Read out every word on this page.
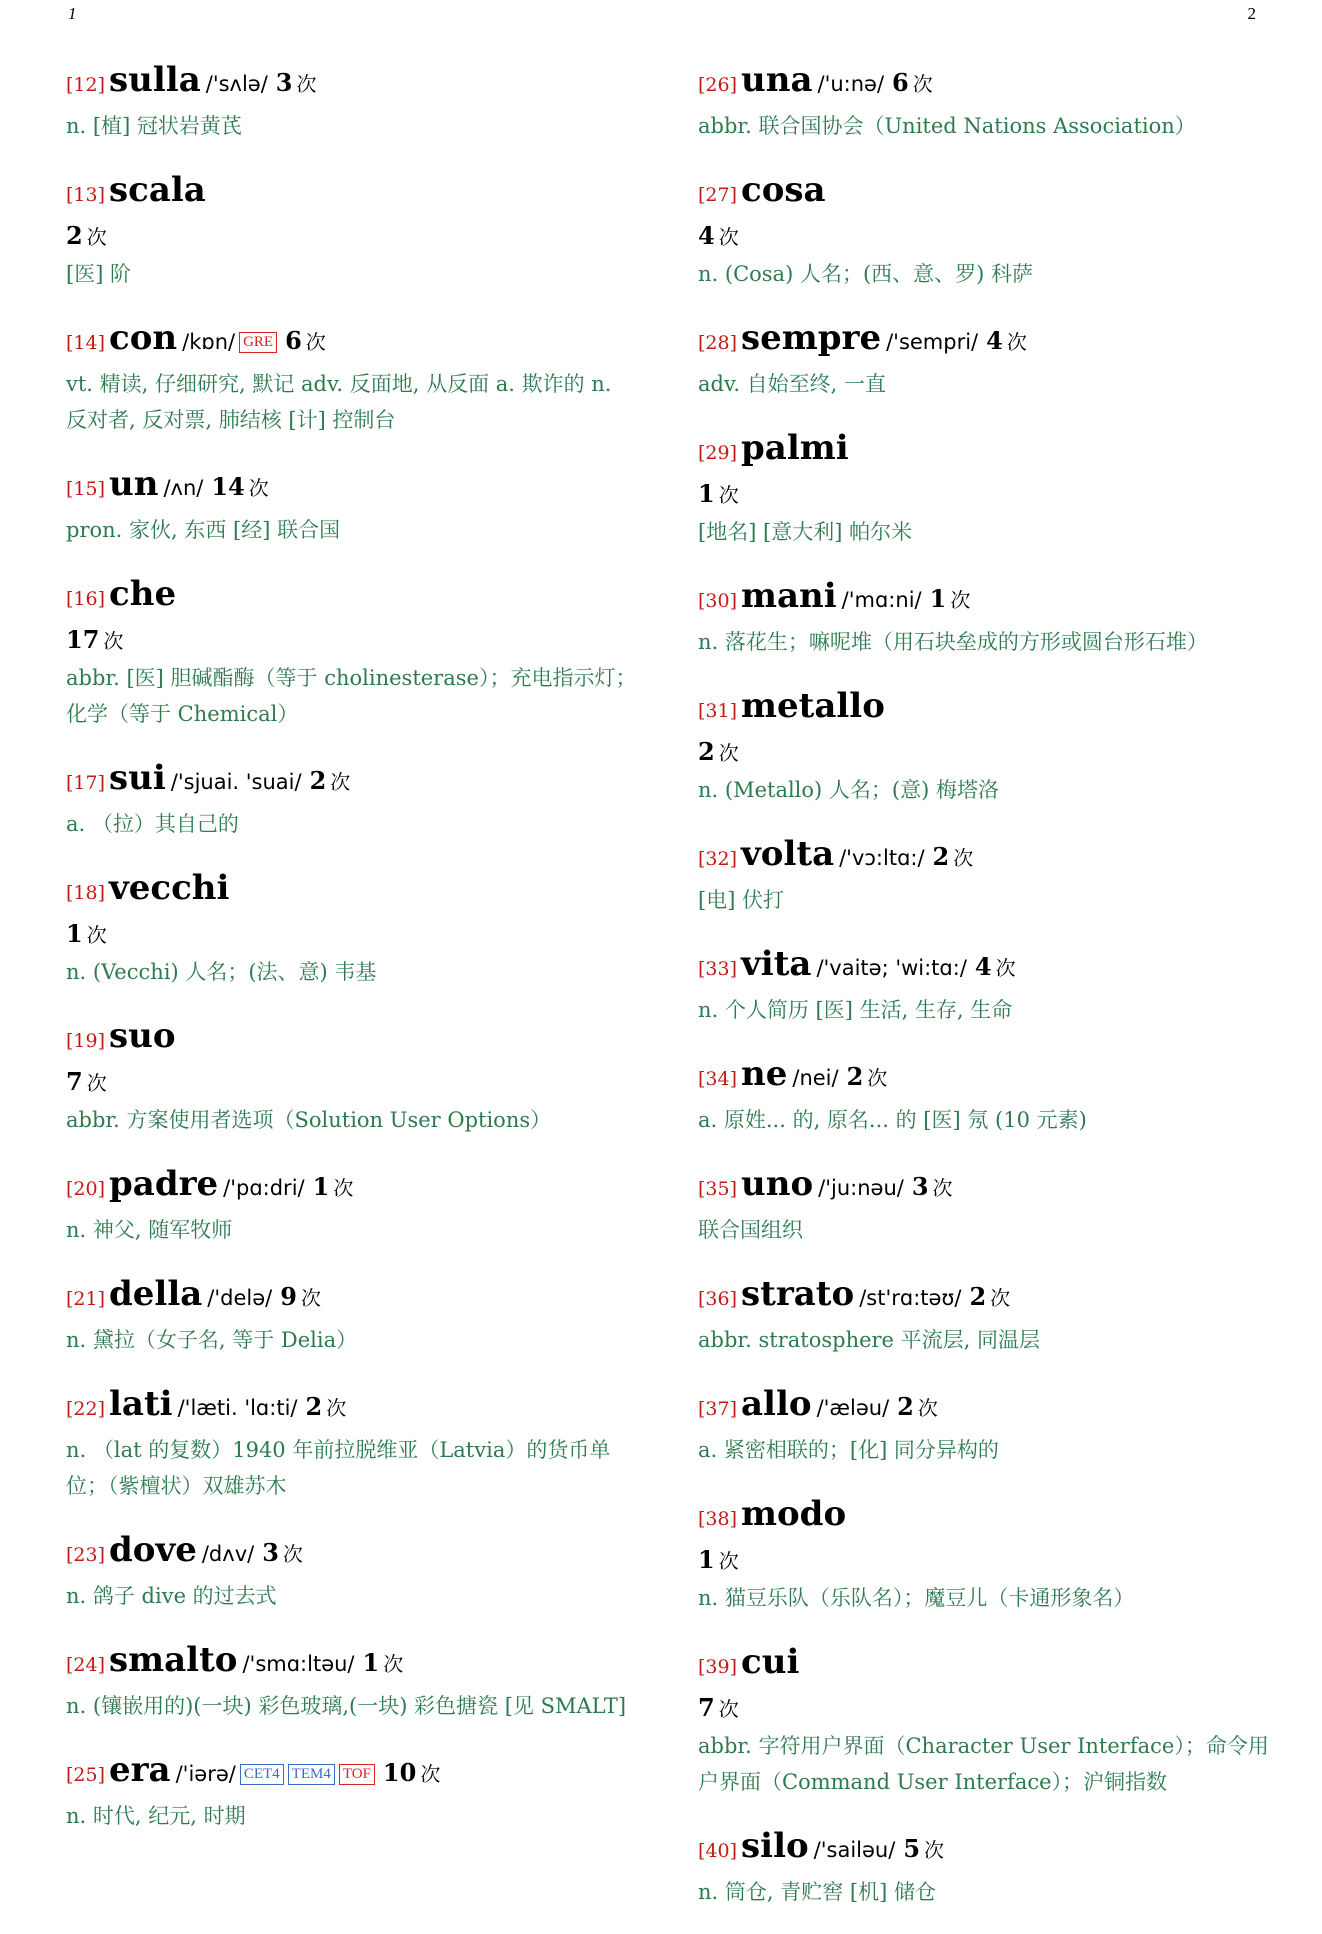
1	2
[12] sulla /'sʌlə/ 3 次
n. [植] 冠状岩黄芪
[13] scala
2 次
[医] 阶
[14] con /kɒn/ GRE 6 次
vt. 精读, 仔细研究, 默记 adv. 反面地, 从反面 a. 欺诈的 n. 反对者, 反对票, 肺结核 [计] 控制台
[15] un /ʌn/ 14 次
pron. 家伙, 东西 [经] 联合国
[16] che
17 次
abbr. [医] 胆碱酯酶（等于 cholinesterase）；充电指示灯；化学（等于 Chemical）
[17] sui /'sjuai. 'suai/ 2 次
a. （拉）其自己的
[18] vecchi
1 次
n. (Vecchi) 人名；(法、意) 韦基
[19] suo
7 次
abbr. 方案使用者选项（Solution User Options）
[20] padre /'pɑ:dri/ 1 次
n. 神父, 随军牧师
[21] della /'delə/ 9 次
n. 黛拉（女子名, 等于 Delia）
[22] lati /'læti. 'lɑ:ti/ 2 次
n. （lat 的复数）1940 年前拉脱维亚（Latvia）的货币单位；（紫檀状）双雄苏木
[23] dove /dʌv/ 3 次
n. 鸽子 dive 的过去式
[24] smalto /'smɑ:ltəu/ 1 次
n. (镶嵌用的)(一块) 彩色玻璃,(一块) 彩色搪瓷 [见 SMALT]
[25] era /'iərə/ CET4 TEM4 TOF 10 次
n. 时代, 纪元, 时期
[26] una /'u:nə/ 6 次
abbr. 联合国协会（United Nations Association）
[27] cosa
4 次
n. (Cosa) 人名；(西、意、罗) 科萨
[28] sempre /'sempri/ 4 次
adv. 自始至终, 一直
[29] palmi
1 次
[地名] [意大利] 帕尔米
[30] mani /'mɑ:ni/ 1 次
n. 落花生；嘛呢堆（用石块垒成的方形或圆台形石堆）
[31] metallo
2 次
n. (Metallo) 人名；(意) 梅塔洛
[32] volta /'vɔ:ltɑ:/ 2 次
[电] 伏打
[33] vita /'vaitə; 'wi:tɑ:/ 4 次
n. 个人简历 [医] 生活, 生存, 生命
[34] ne /nei/ 2 次
a. 原姓... 的, 原名... 的 [医] 氖 (10 元素)
[35] uno /'ju:nəu/ 3 次
联合国组织
[36] strato /st'rɑ:təʊ/ 2 次
abbr. stratosphere 平流层, 同温层
[37] allo /'æləu/ 2 次
a. 紧密相联的；[化] 同分异构的
[38] modo
1 次
n. 猫豆乐队（乐队名）；魔豆儿（卡通形象名）
[39] cui
7 次
abbr. 字符用户界面（Character User Interface）；命令用户界面（Command User Interface）；沪铜指数
[40] silo /'sailəu/ 5 次
n. 筒仓, 青贮窖 [机] 储仓
